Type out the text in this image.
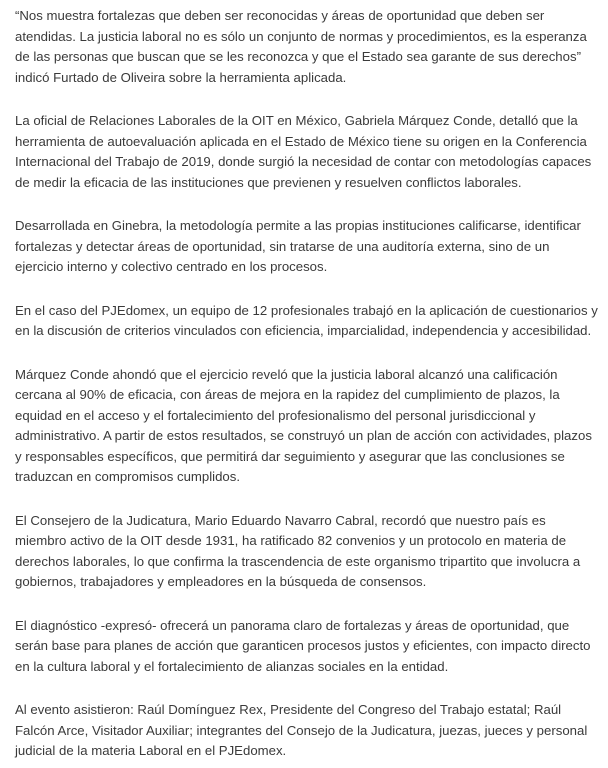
“Nos muestra fortalezas que deben ser reconocidas y áreas de oportunidad que deben ser atendidas. La justicia laboral no es sólo un conjunto de normas y procedimientos, es la esperanza de las personas que buscan que se les reconozca y que el Estado sea garante de sus derechos” indicó Furtado de Oliveira sobre la herramienta aplicada.

La oficial de Relaciones Laborales de la OIT en México, Gabriela Márquez Conde, detalló que la herramienta de autoevaluación aplicada en el Estado de México tiene su origen en la Conferencia Internacional del Trabajo de 2019, donde surgió la necesidad de contar con metodologías capaces de medir la eficacia de las instituciones que previenen y resuelven conflictos laborales.

Desarrollada en Ginebra, la metodología permite a las propias instituciones calificarse, identificar fortalezas y detectar áreas de oportunidad, sin tratarse de una auditoría externa, sino de un ejercicio interno y colectivo centrado en los procesos.

En el caso del PJEdomex, un equipo de 12 profesionales trabajó en la aplicación de cuestionarios y en la discusión de criterios vinculados con eficiencia, imparcialidad, independencia y accesibilidad.

Márquez Conde ahondó que el ejercicio reveló que la justicia laboral alcanzó una calificación cercana al 90% de eficacia, con áreas de mejora en la rapidez del cumplimiento de plazos, la equidad en el acceso y el fortalecimiento del profesionalismo del personal jurisdiccional y administrativo. A partir de estos resultados, se construyó un plan de acción con actividades, plazos y responsables específicos, que permitirá dar seguimiento y asegurar que las conclusiones se traduzcan en compromisos cumplidos.

El Consejero de la Judicatura, Mario Eduardo Navarro Cabral, recordó que nuestro país es miembro activo de la OIT desde 1931, ha ratificado 82 convenios y un protocolo en materia de derechos laborales, lo que confirma la trascendencia de este organismo tripartito que involucra a gobiernos, trabajadores y empleadores en la búsqueda de consensos.

El diagnóstico -expresó- ofrecerá un panorama claro de fortalezas y áreas de oportunidad, que serán base para planes de acción que garanticen procesos justos y eficientes, con impacto directo en la cultura laboral y el fortalecimiento de alianzas sociales en la entidad.

Al evento asistieron: Raúl Domínguez Rex, Presidente del Congreso del Trabajo estatal; Raúl Falcón Arce, Visitador Auxiliar; integrantes del Consejo de la Judicatura, juezas, jueces y personal judicial de la materia Laboral en el PJEdomex.
